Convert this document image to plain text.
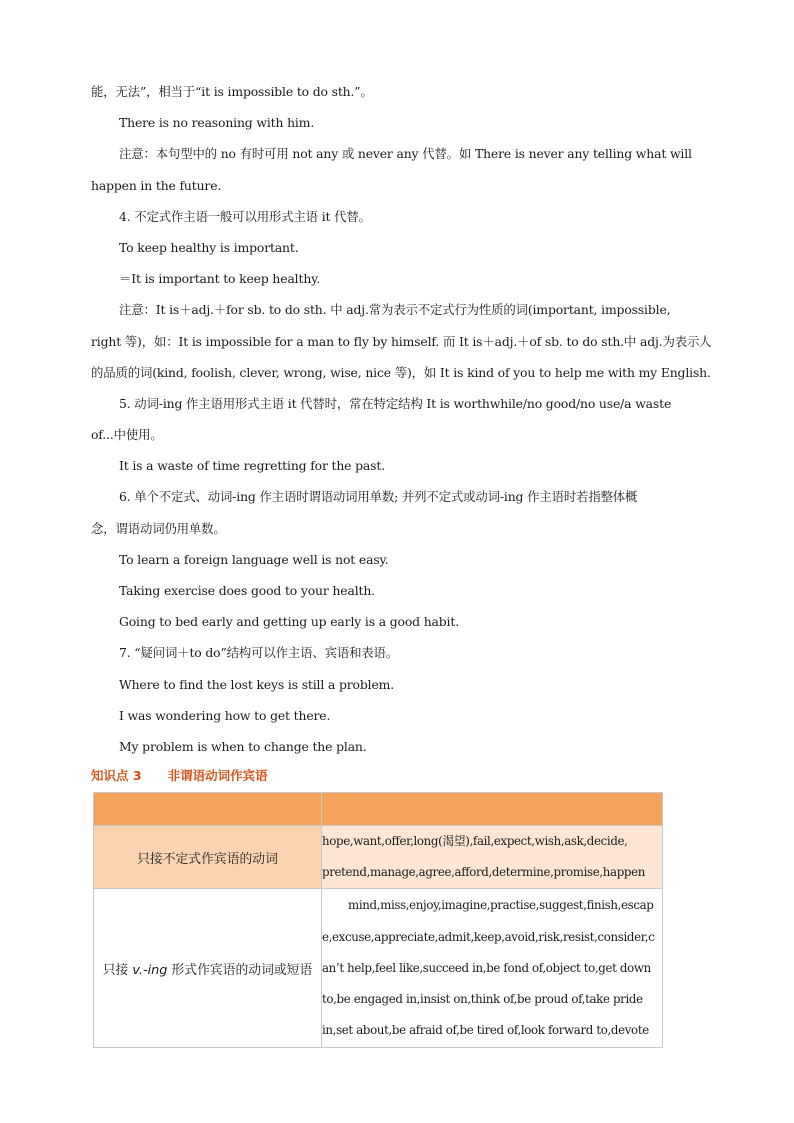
能，无法”，相当于“it is impossible to do sth.”。
There is no reasoning with him.
注意：本句型中的 no 有时可用 not any 或 never any 代替。如 There is never any telling what will
happen in the future.
4. 不定式作主语一般可以用形式主语 it 代替。
To keep healthy is important.
＝It is important to keep healthy.
注意：It is＋adj.＋for sb. to do sth. 中 adj.常为表示不定式行为性质的词(important, impossible,
right 等)，如：It is impossible for a man to fly by himself. 而 It is＋adj.＋of sb. to do sth.中 adj.为表示人
的品质的词(kind, foolish, clever, wrong, wise, nice 等)，如 It is kind of you to help me with my English.
5. 动词-ing 作主语用形式主语 it 代替时，常在特定结构 It is worthwhile/no good/no use/a waste
of...中使用。
It is a waste of time regretting for the past.
6. 单个不定式、动词-ing 作主语时谓语动词用单数; 并列不定式或动词-ing 作主语时若指整体概
念，谓语动词仍用单数。
To learn a foreign language well is not easy.
Taking exercise does good to your health.
Going to bed early and getting up early is a good habit.
7. “疑问词＋to do”结构可以作主语、宾语和表语。
Where to find the lost keys is still a problem.
I was wondering how to get there.
My problem is when to change the plan.
知识点 3 非谓语动词作宾语

只接不定式作宾语的动词	hope,want,offer,long(渴望),fail,expect,wish,ask,decide,
pretend,manage,agree,afford,determine,promise,happen

只接 v.-ing 形式作宾语的动词或短语	mind,miss,enjoy,imagine,practise,suggest,finish,escap
e,excuse,appreciate,admit,keep,avoid,risk,resist,consider,c
an’t help,feel like,succeed in,be fond of,object to,get down
to,be engaged in,insist on,think of,be proud of,take pride
in,set about,be afraid of,be tired of,look forward to,devote
